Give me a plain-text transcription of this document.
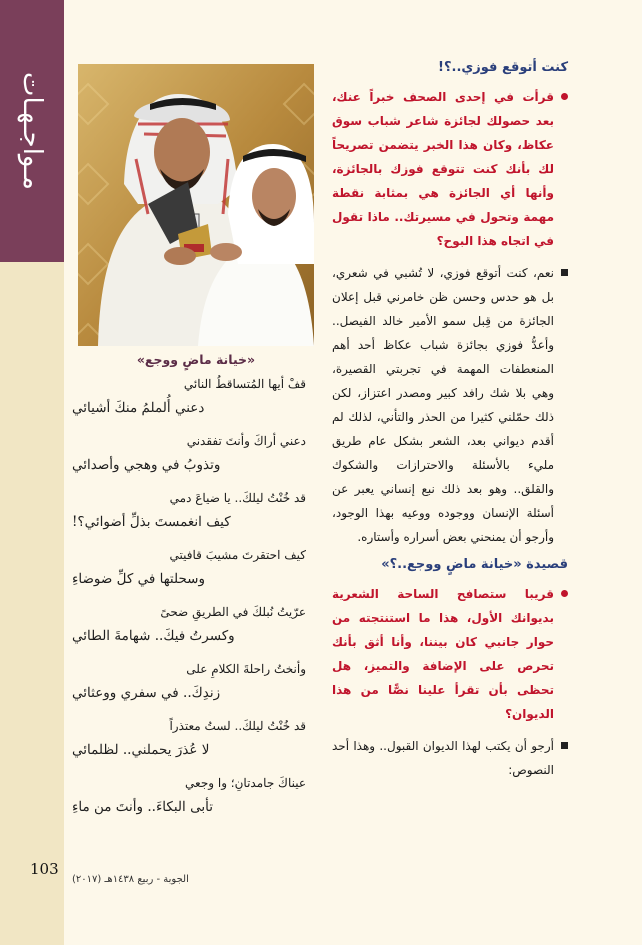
مـواجـهـات
103
الجوبة - ربيع ١٤٣٨هـ (٢٠١٧)
«خيانة ماضٍ ووجع»
قفْ أيها المُتساقطُ النائي
دعني أُلملمُ منكَ أشيائي
دعني أراكَ وأنتَ تفقدني
وتذوبُ في وهجي وأصدائي
قد خُنْتُ ليلكَ.. يا ضياعَ دمي
كيف انغمستَ بذلِّ أضوائي؟!
كيف احتقرتَ مشيبَ قافيتي
وسحلتها في كلِّ ضوضاءِ
عرّيتُ نُبلكَ في الطريقِ ضحىً
وكسرتُ فيكَ.. شهامةَ الطائي
وأنختُ راحلةَ الكلامِ على
زندِكَ.. في سفري ووعثائي
قد خُنْتُ ليلكَ.. لستُ معتذراً
لا عُذرَ يحملني.. لظلمائي
عيناكَ جامدتانِ؛ وا وجعي
تأبى البكاءَ.. وأنتَ من ماءِ
كنت أتوقع فوزي..؟!
قرأت في إحدى الصحف خبراً عنك، بعد حصولك لجائزة شاعر شباب سوق عكاظ، وكان هذا الخبر يتضمن تصريحاً لك بأنك كنت تتوقع فوزك بالجائزة، وأنها أي الجائزة هي بمثابة نقطة مهمة وتحول في مسيرتك.. ماذا تقول في اتجاه هذا البوح؟
نعم، كنت أتوقع فوزي، لا تُشبي في شعري، بل هو حدس وحسن ظن خامرني قبل إعلان الجائزة من قِبل سمو الأمير خالد الفيصل.. وأعدُّ فوزي بجائزة شباب عكاظ أحد أهم المنعطفات المهمة في تجربتي القصيرة، وهي بلا شك رافد كبير ومصدر اعتزاز، لكن ذلك حمّلني كثيرا من الحذر والتأني، لذلك لم أقدم ديواني بعد، الشعر بشكل عام طريق مليء بالأسئلة والاحترازات والشكوك والقلق.. وهو بعد ذلك نبع إنساني يعبر عن أسئلة الإنسان ووجوده ووعيه بهذا الوجود، وأرجو أن يمنحني بعض أسراره وأستاره.
قصيدة «خيانة ماضٍ ووجع..؟»
قريبا ستصافح الساحة الشعرية بديوانك الأول، هذا ما استنتجته من حوار جانبي كان بيننا، وأنا أثق بأنك تحرص على الإضافة والتميز، هل تحظى بأن تقرأ علينا نصًّا من هذا الديوان؟
أرجو أن يكتب لهذا الديوان القبول.. وهذا أحد النصوص:
